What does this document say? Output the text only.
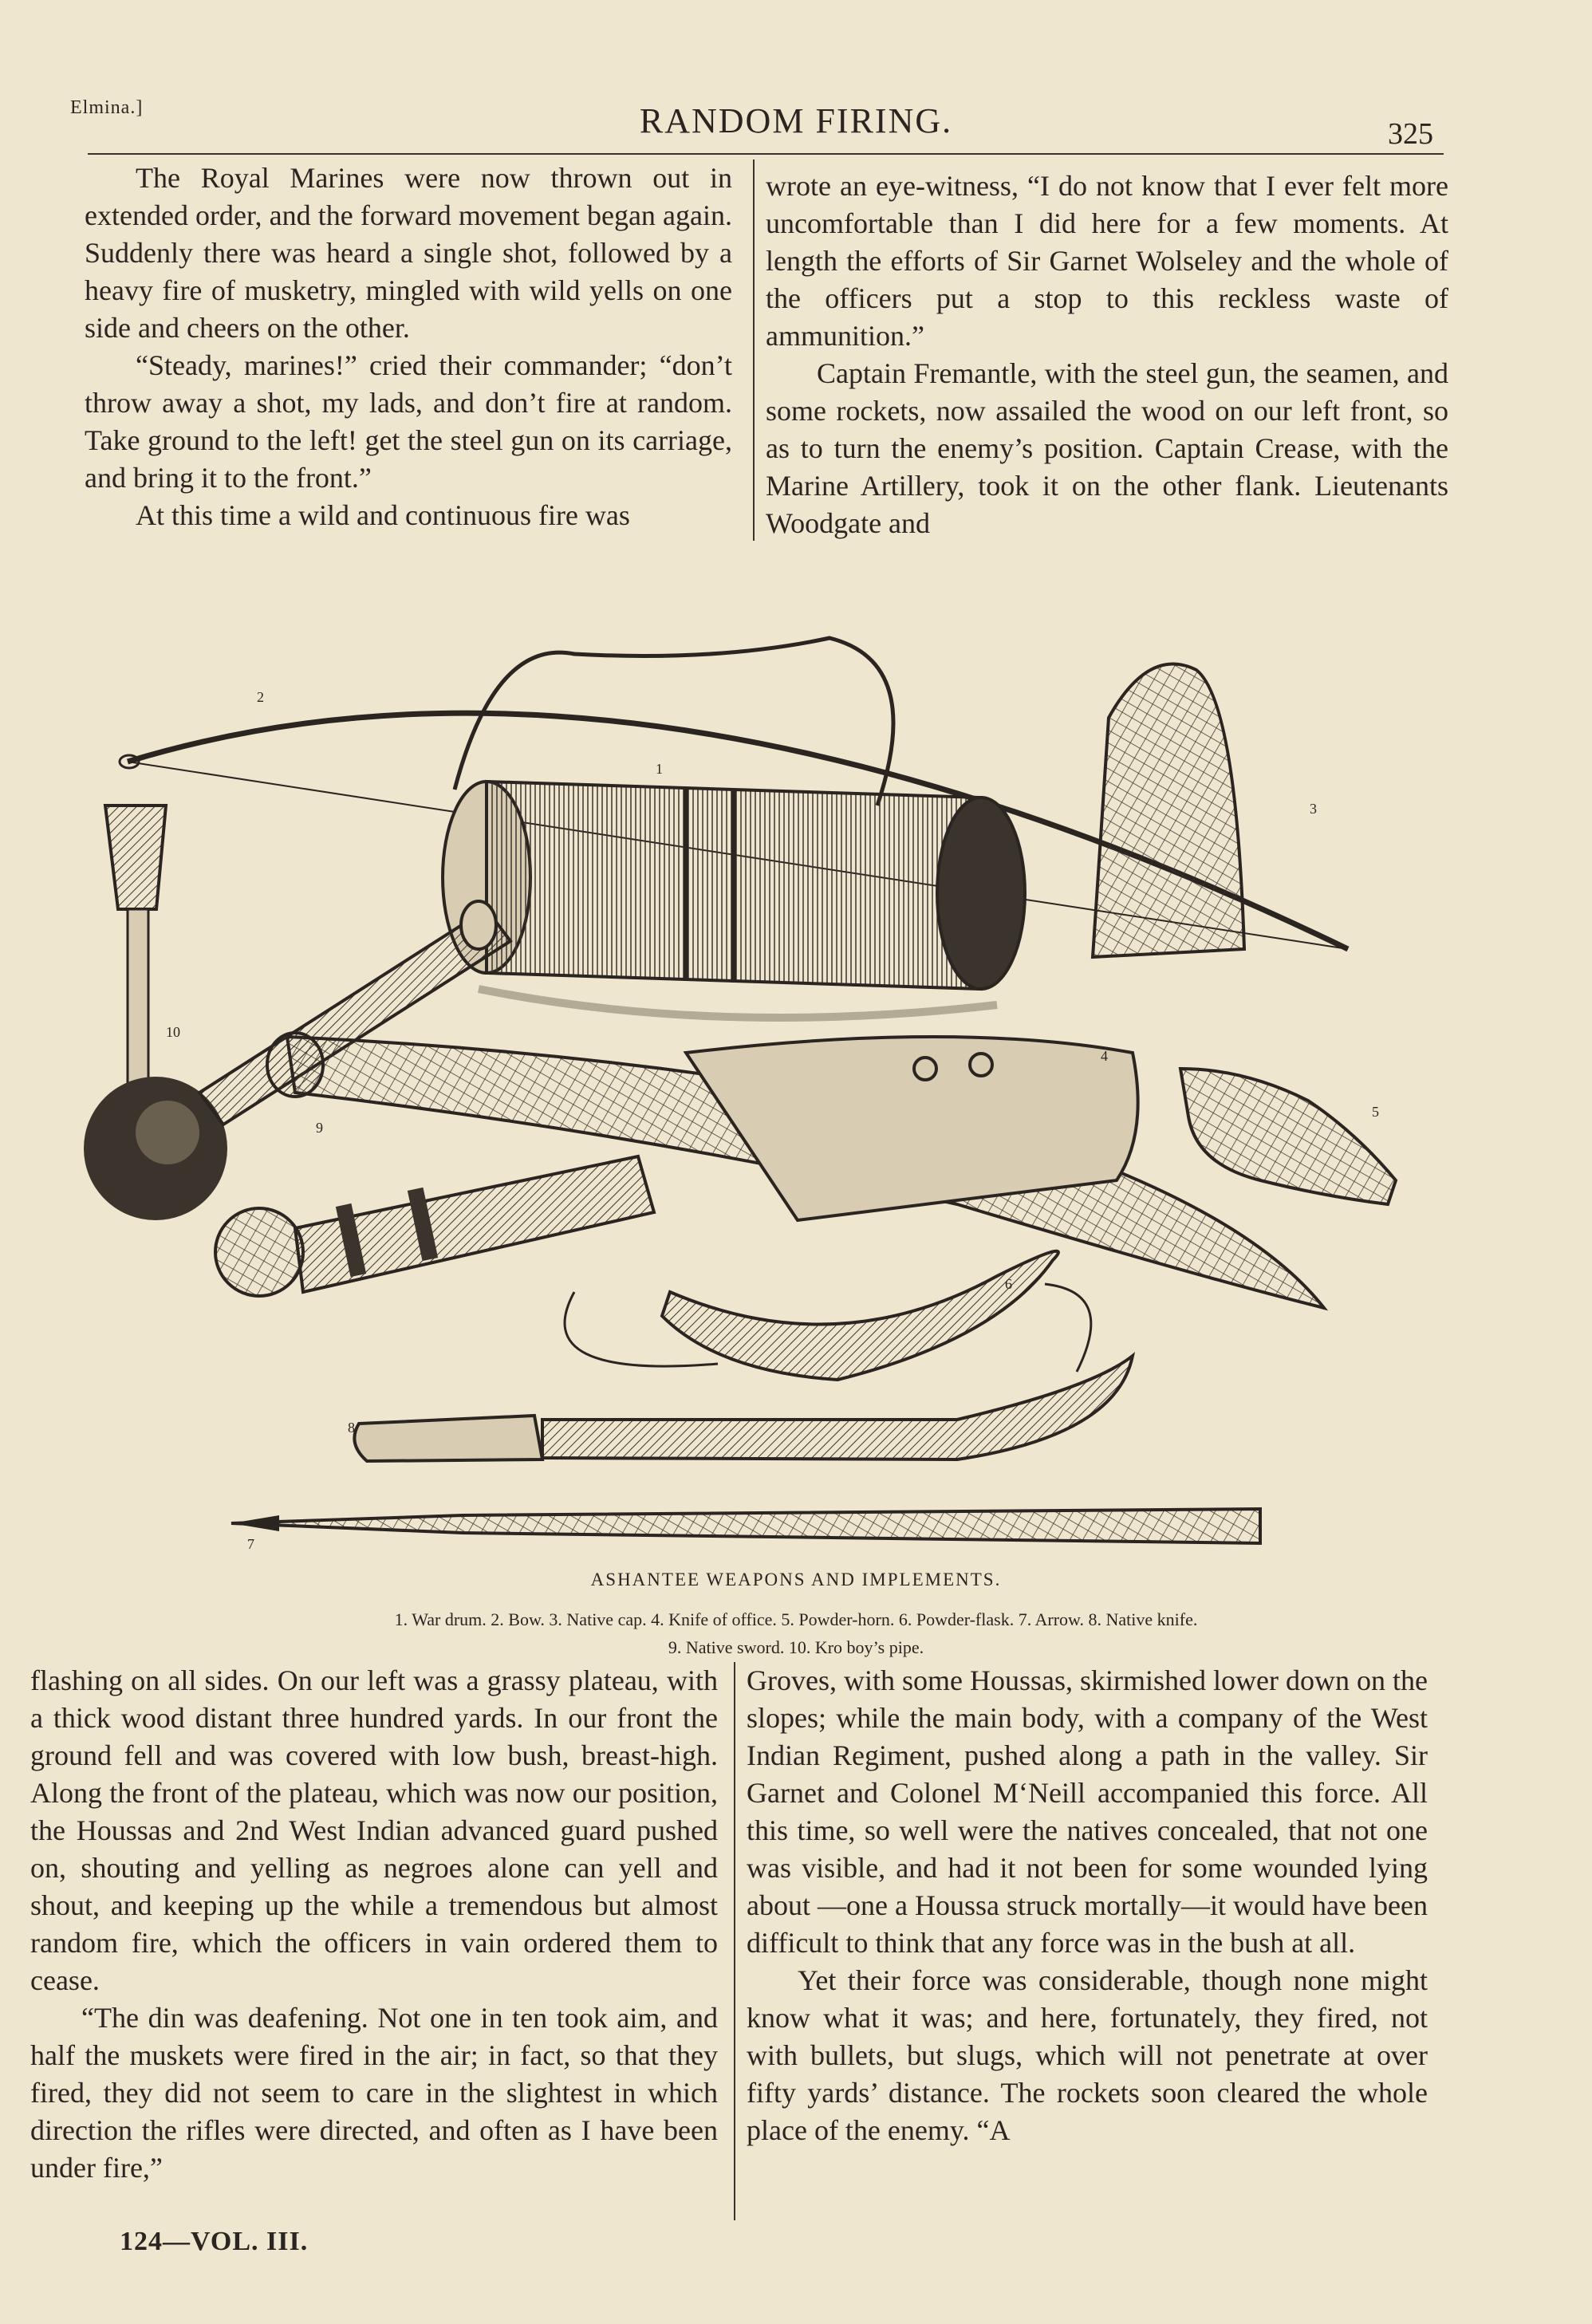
Elmina.]	RANDOM FIRING.	325

The Royal Marines were now thrown out in extended order, and the forward movement began again. Suddenly there was heard a single shot, followed by a heavy fire of musketry, mingled with wild yells on one side and cheers on the other.

“Steady, marines!” cried their commander; “don’t throw away a shot, my lads, and don’t fire at random. Take ground to the left! get the steel gun on its carriage, and bring it to the front.”

At this time a wild and continuous fire was

wrote an eye-witness, “I do not know that I ever felt more uncomfortable than I did here for a few moments. At length the efforts of Sir Garnet Wolseley and the whole of the officers put a stop to this reckless waste of ammunition.”

Captain Fremantle, with the steel gun, the seamen, and some rockets, now assailed the wood on our left front, so as to turn the enemy’s position. Captain Crease, with the Marine Artillery, took it on the other flank. Lieutenants Woodgate and

1
2
3
4
5
6
7
8
9
10
ASHANTEE WEAPONS AND IMPLEMENTS.
1. War drum. 2. Bow. 3. Native cap. 4. Knife of office. 5. Powder-horn. 6. Powder-flask. 7. Arrow. 8. Native knife.
9. Native sword. 10. Kro boy’s pipe.

flashing on all sides. On our left was a grassy plateau, with a thick wood distant three hundred yards. In our front the ground fell and was covered with low bush, breast-high. Along the front of the plateau, which was now our position, the Houssas and 2nd West Indian advanced guard pushed on, shouting and yelling as negroes alone can yell and shout, and keeping up the while a tremendous but almost random fire, which the officers in vain ordered them to cease.

“The din was deafening. Not one in ten took aim, and half the muskets were fired in the air; in fact, so that they fired, they did not seem to care in the slightest in which direction the rifles were directed, and often as I have been under fire,”

Groves, with some Houssas, skirmished lower down on the slopes; while the main body, with a company of the West Indian Regiment, pushed along a path in the valley. Sir Garnet and Colonel M‘Neill accompanied this force. All this time, so well were the natives concealed, that not one was visible, and had it not been for some wounded lying about —one a Houssa struck mortally—it would have been difficult to think that any force was in the bush at all.

Yet their force was considerable, though none might know what it was; and here, fortunately, they fired, not with bullets, but slugs, which will not penetrate at over fifty yards’ distance. The rockets soon cleared the whole place of the enemy. “A

124—VOL. III.
